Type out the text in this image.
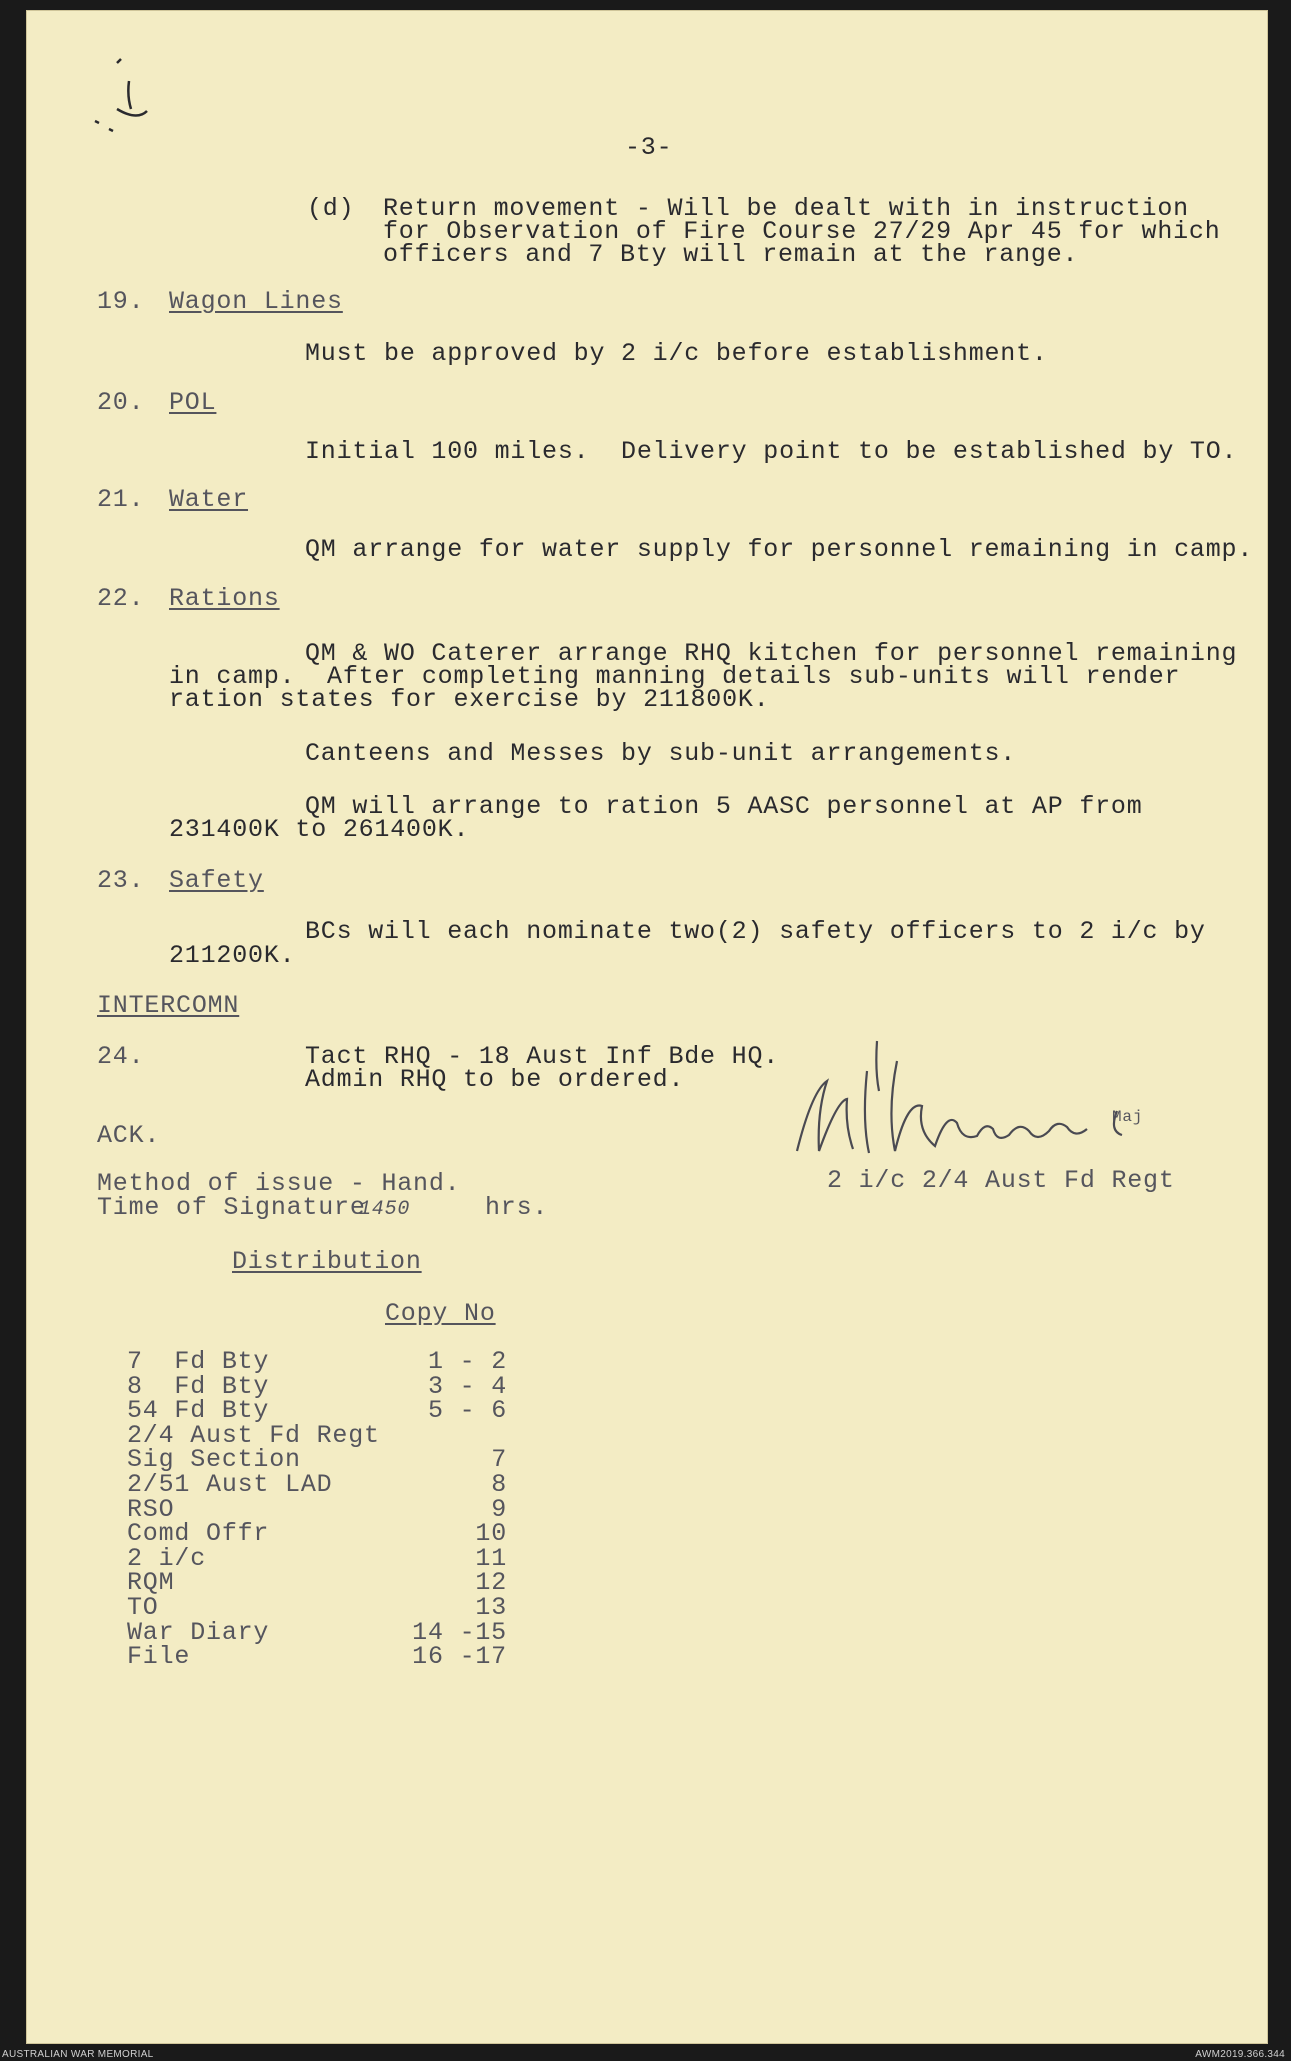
-3-
(d) Return movement - Will be dealt with in instruction
for Observation of Fire Course 27/29 Apr 45 for which
officers and 7 Bty will remain at the range.
19. Wagon Lines
Must be approved by 2 i/c before establishment.
20. POL
Initial 100 miles.  Delivery point to be established by TO.
21. Water
QM arrange for water supply for personnel remaining in camp.
22. Rations
QM & WO Caterer arrange RHQ kitchen for personnel remaining
in camp.  After completing manning details sub-units will render
ration states for exercise by 211800K.
Canteens and Messes by sub-unit arrangements.
QM will arrange to ration 5 AASC personnel at AP from
231400K to 261400K.
23. Safety
BCs will each nominate two(2) safety officers to 2 i/c by
211200K.
INTERCOMN
24.	Tact RHQ - 18 Aust Inf Bde HQ.
Admin RHQ to be ordered.
ACK.
Maj
2 i/c 2/4 Aust Fd Regt
Method of issue - Hand.
Time of Signature
1450	hrs.
Distribution
Copy No
7  Fd Bty	1 - 2
8  Fd Bty	3 - 4
54 Fd Bty	5 - 6
2/4 Aust Fd Regt
Sig Section	7
2/51 Aust LAD	8
RSO	9
Comd Offr	10
2 i/c	11
RQM	12
TO	13
War Diary	14 -15
File	16 -17
AUSTRALIAN WAR MEMORIAL	AWM2019.366.344
